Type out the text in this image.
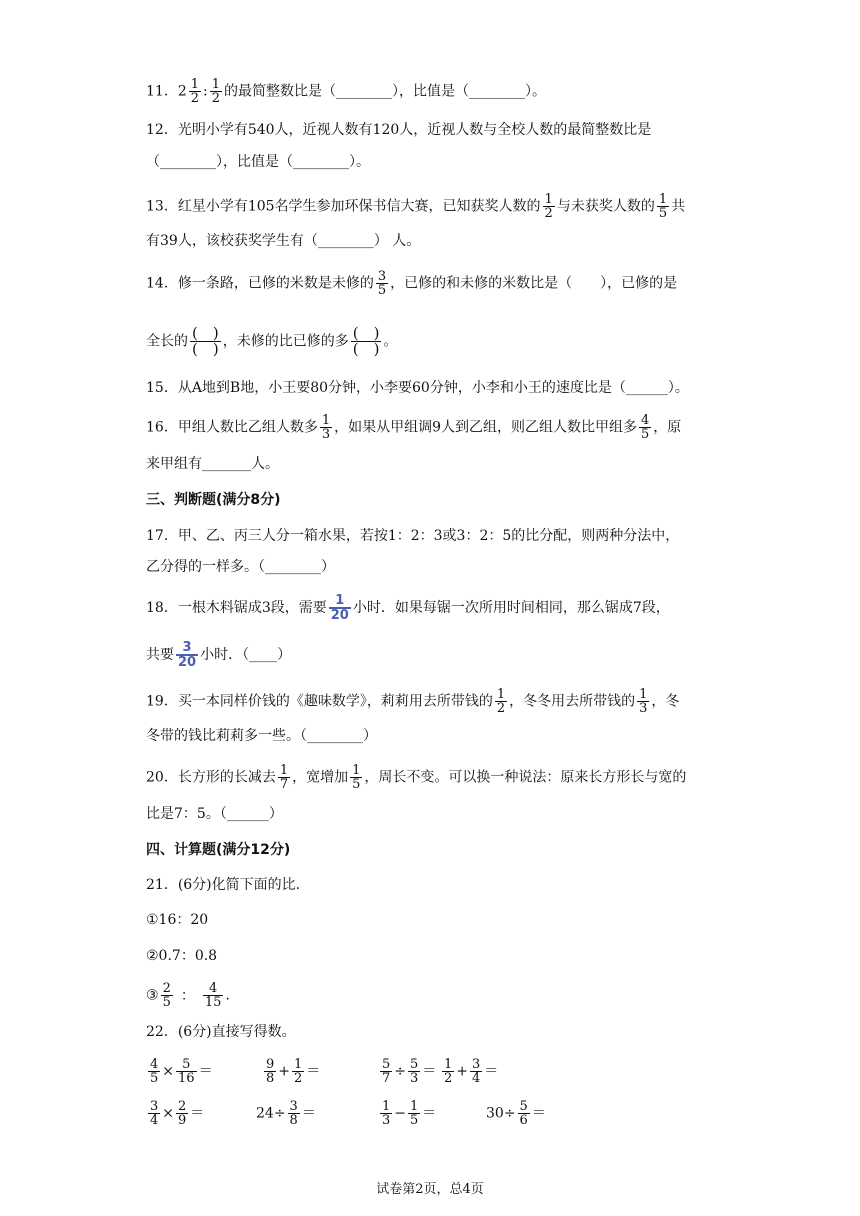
11．$2 \frac{1}{2}$ : $\frac{1}{2}$ 的最简整数比是（________），比值是（________）。
12．光明小学有540人，近视人数有120人，近视人数与全校人数的最简整数比是
（________），比值是（________）。
13．红星小学有105名学生参加环保书信大赛，已知获奖人数的 $\frac{1}{2}$ 与未获奖人数的 $\frac{1}{5}$ 共
有39人，该校获奖学生有（________） 人。
14．修一条路，已修的米数是未修的 $\frac{3}{5}$ ，已修的和未修的米数比是（　　），已修的是
全长的 $\frac{( )}{( )}$ ，未修的比已修的多 $\frac{( )}{( )}$ 。
15．从A地到B地，小王要80分钟，小李要60分钟，小李和小王的速度比是（______）。
16．甲组人数比乙组人数多 $\frac{1}{3}$ ，如果从甲组调9人到乙组，则乙组人数比甲组多 $\frac{4}{5}$ ，原
来甲组有_______人。
三、判断题(满分8分)
17．甲、乙、丙三人分一箱水果，若按1：2：3或3：2：5的比分配，则两种分法中，
乙分得的一样多。（________）
18．一根木料锯成3段，需要 $\frac{1}{20}$ 小时．如果每锯一次所用时间相同，那么锯成7段，
共要 $\frac{3}{20}$ 小时．（____）
19．买一本同样价钱的《趣味数学》，莉莉用去所带钱的 $\frac{1}{2}$ ，冬冬用去所带钱的 $\frac{1}{3}$ ，冬
冬带的钱比莉莉多一些。（________）
20．长方形的长减去 $\frac{1}{7}$ ，宽增加 $\frac{1}{5}$ ，周长不变。可以换一种说法：原来长方形长与宽的
比是7：5。（______）
四、计算题(满分12分)
21．(6分)化简下面的比.
①16：20
②0.7：0.8
③ $\frac{2}{5}$ ： $\frac{4}{15}$ .
22．(6分)直接写得数。
$\frac{4}{5} \times \frac{5}{16}$ ＝	$\frac{9}{8} + \frac{1}{2}$ ＝	$\frac{5}{7} \div \frac{5}{3} = \frac{1}{2} + \frac{3}{4}$ ＝
$\frac{3}{4} \times \frac{2}{9}$ ＝	$24\div \frac{3}{8}$ ＝	$\frac{1}{3} - \frac{1}{5}$ ＝	$30\div \frac{5}{6}$ ＝
试卷第2页，总4页
